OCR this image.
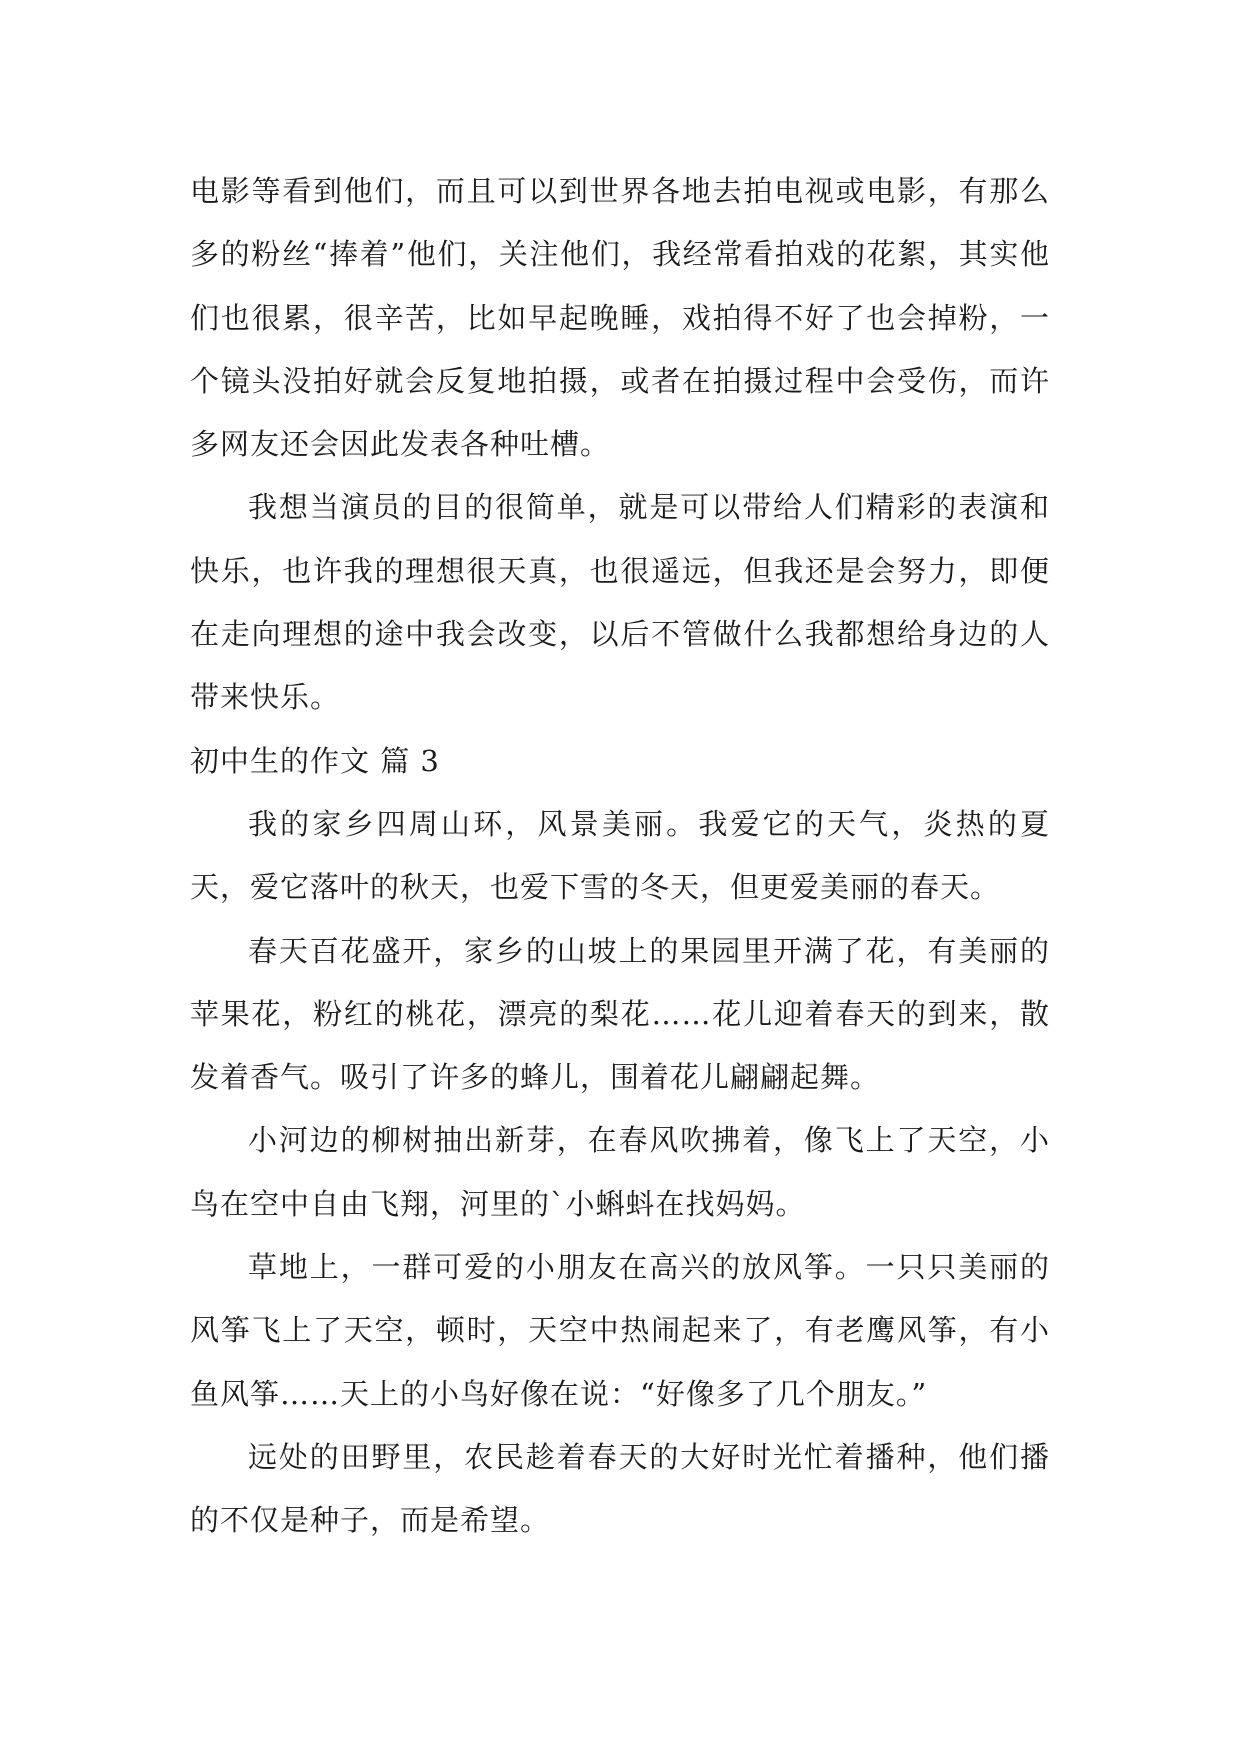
电影等看到他们，而且可以到世界各地去拍电视或电影，有那么多的粉丝“捧着”他们，关注他们，我经常看拍戏的花絮，其实他们也很累，很辛苦，比如早起晚睡，戏拍得不好了也会掉粉，一个镜头没拍好就会反复地拍摄，或者在拍摄过程中会受伤，而许多网友还会因此发表各种吐槽。

我想当演员的目的很简单，就是可以带给人们精彩的表演和快乐，也许我的理想很天真，也很遥远，但我还是会努力，即便在走向理想的途中我会改变，以后不管做什么我都想给身边的人带来快乐。

初中生的作文 篇 3

我的家乡四周山环，风景美丽。我爱它的天气，炎热的夏天，爱它落叶的秋天，也爱下雪的冬天，但更爱美丽的春天。

春天百花盛开，家乡的山坡上的果园里开满了花，有美丽的苹果花，粉红的桃花，漂亮的梨花……花儿迎着春天的到来，散发着香气。吸引了许多的蜂儿，围着花儿翩翩起舞。

小河边的柳树抽出新芽，在春风吹拂着，像飞上了天空，小鸟在空中自由飞翔，河里的`小蝌蚪在找妈妈。

草地上，一群可爱的小朋友在高兴的放风筝。一只只美丽的风筝飞上了天空，顿时，天空中热闹起来了，有老鹰风筝，有小鱼风筝……天上的小鸟好像在说：“好像多了几个朋友。”

远处的田野里，农民趁着春天的大好时光忙着播种，他们播的不仅是种子，而是希望。
